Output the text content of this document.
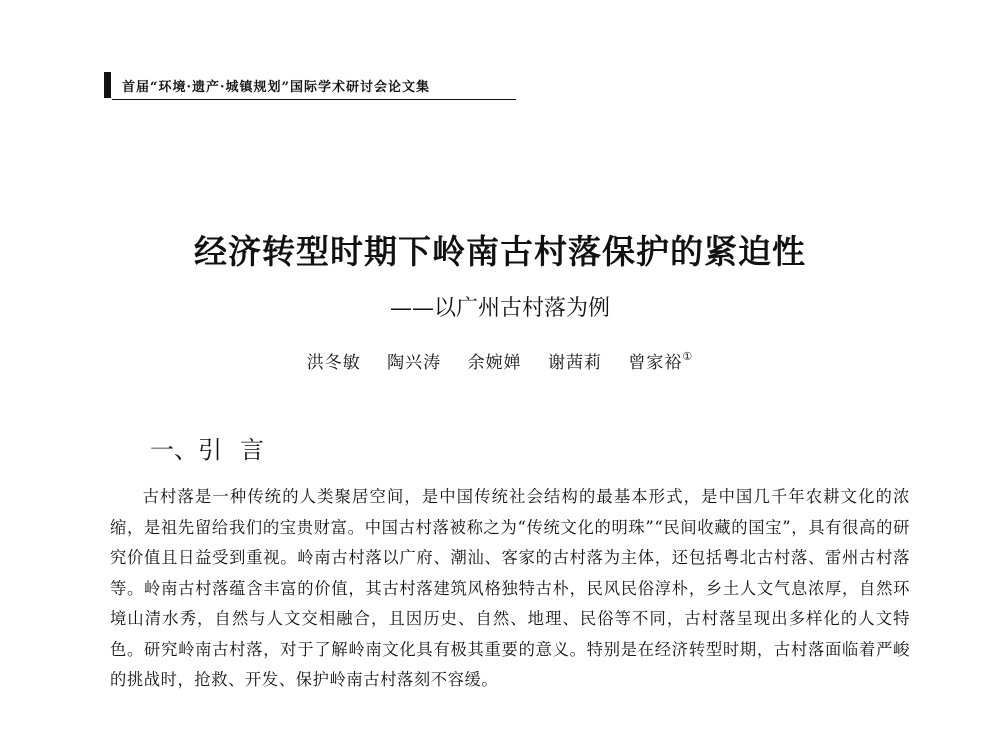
首届“环境·遗产·城镇规划”国际学术研讨会论文集
经济转型时期下岭南古村落保护的紧迫性
——以广州古村落为例
洪冬敏 陶兴涛 余婉婵 谢茜莉 曾家裕①
一、引言

古村落是一种传统的人类聚居空间，是中国传统社会结构的最基本形式，是中国几千年农耕文化的浓缩，是祖先留给我们的宝贵财富。中国古村落被称之为“传统文化的明珠”“民间收藏的国宝”，具有很高的研究价值且日益受到重视。岭南古村落以广府、潮汕、客家的古村落为主体，还包括粤北古村落、雷州古村落等。岭南古村落蕴含丰富的价值，其古村落建筑风格独特古朴，民风民俗淳朴，乡土人文气息浓厚，自然环境山清水秀，自然与人文交相融合，且因历史、自然、地理、民俗等不同，古村落呈现出多样化的人文特色。研究岭南古村落，对于了解岭南文化具有极其重要的意义。特别是在经济转型时期，古村落面临着严峻的挑战时，抢救、开发、保护岭南古村落刻不容缓。
